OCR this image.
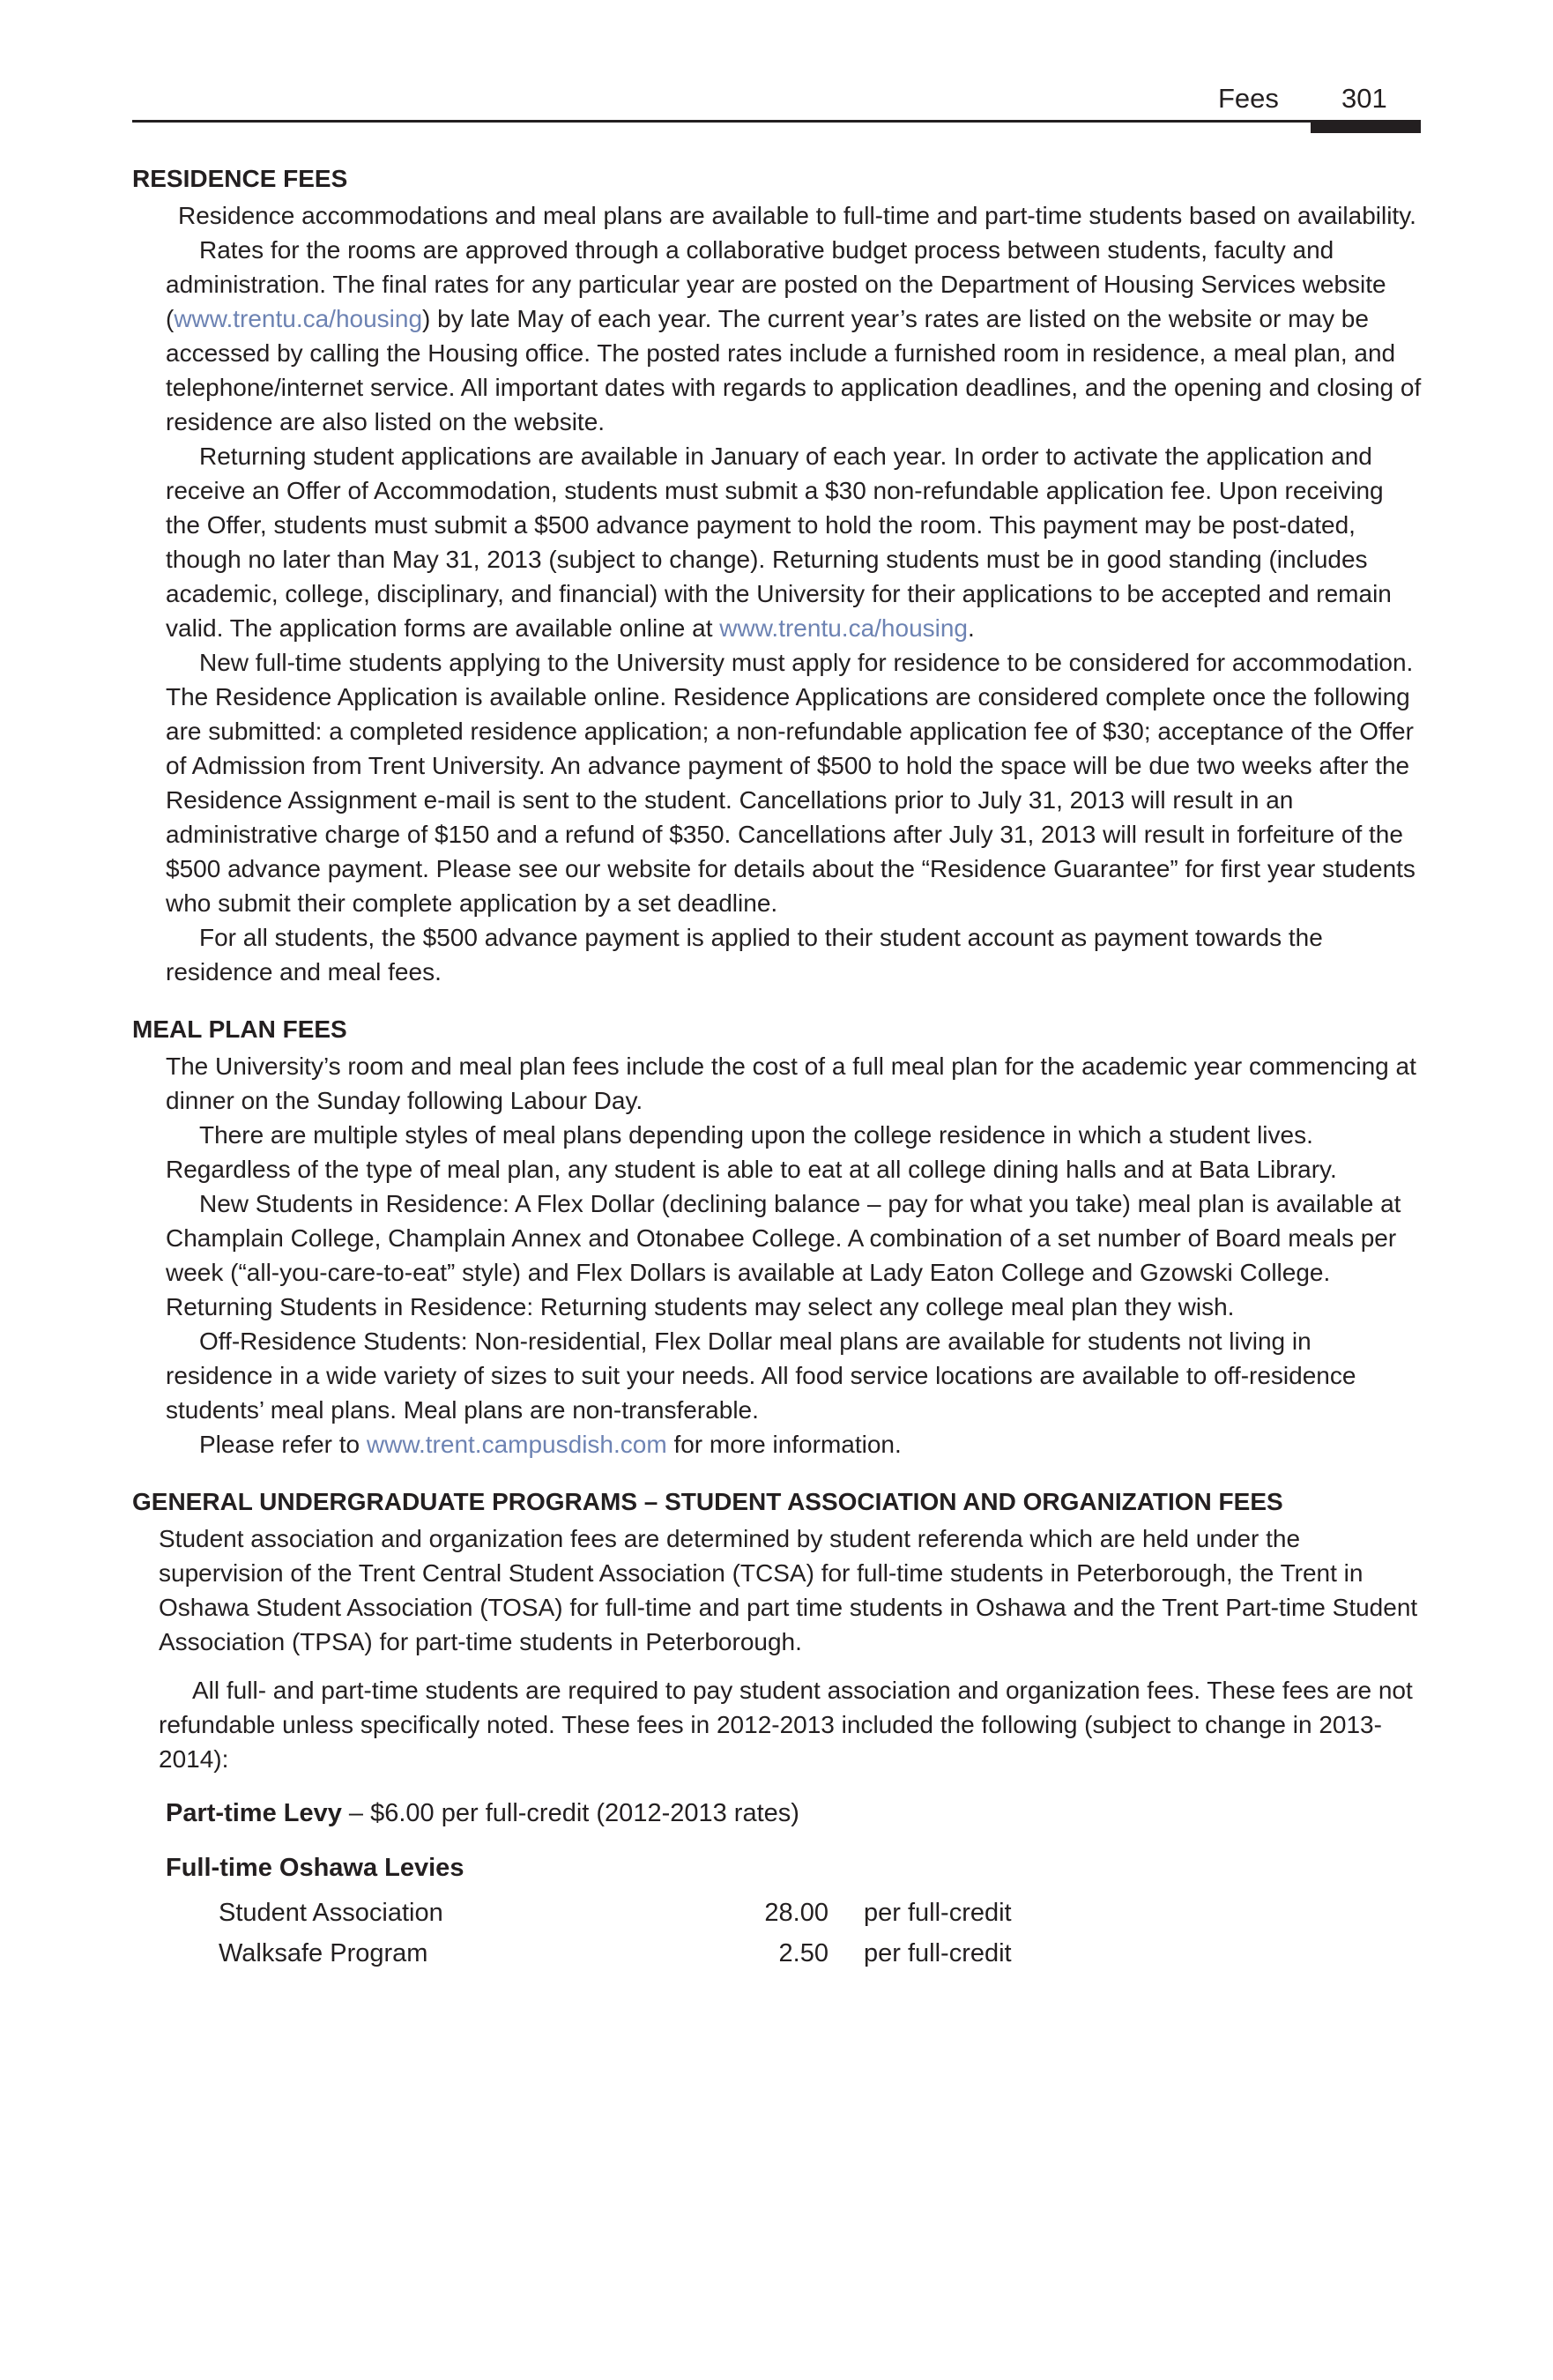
Fees 301
RESIDENCE FEES

Residence accommodations and meal plans are available to full-time and part-time students based on availability.

Rates for the rooms are approved through a collaborative budget process between students, faculty and administration. The final rates for any particular year are posted on the Department of Housing Services website (www.trentu.ca/housing) by late May of each year. The current year’s rates are listed on the website or may be accessed by calling the Housing office. The posted rates include a furnished room in residence, a meal plan, and telephone/internet service. All important dates with regards to application deadlines, and the opening and closing of residence are also listed on the website.

Returning student applications are available in January of each year. In order to activate the application and receive an Offer of Accommodation, students must submit a $30 non-refundable application fee. Upon receiving the Offer, students must submit a $500 advance payment to hold the room. This payment may be post-dated, though no later than May 31, 2013 (subject to change). Returning students must be in good standing (includes academic, college, disciplinary, and financial) with the University for their applications to be accepted and remain valid. The application forms are available online at www.trentu.ca/housing.

New full-time students applying to the University must apply for residence to be considered for accommodation. The Residence Application is available online. Residence Applications are considered complete once the following are submitted: a completed residence application; a non-refundable application fee of $30; acceptance of the Offer of Admission from Trent University. An advance payment of $500 to hold the space will be due two weeks after the Residence Assignment e-mail is sent to the student. Cancellations prior to July 31, 2013 will result in an administrative charge of $150 and a refund of $350. Cancellations after July 31, 2013 will result in forfeiture of the $500 advance payment. Please see our website for details about the “Residence Guarantee” for first year students who submit their complete application by a set deadline.

For all students, the $500 advance payment is applied to their student account as payment towards the residence and meal fees.

MEAL PLAN FEES

The University’s room and meal plan fees include the cost of a full meal plan for the academic year commencing at dinner on the Sunday following Labour Day.

There are multiple styles of meal plans depending upon the college residence in which a student lives. Regardless of the type of meal plan, any student is able to eat at all college dining halls and at Bata Library.

New Students in Residence: A Flex Dollar (declining balance – pay for what you take) meal plan is available at Champlain College, Champlain Annex and Otonabee College. A combination of a set number of Board meals per week (“all-you-care-to-eat” style) and Flex Dollars is available at Lady Eaton College and Gzowski College.

Returning Students in Residence: Returning students may select any college meal plan they wish.

Off-Residence Students: Non-residential, Flex Dollar meal plans are available for students not living in residence in a wide variety of sizes to suit your needs. All food service locations are available to off-residence students’ meal plans. Meal plans are non-transferable.

Please refer to www.trent.campusdish.com for more information.

GENERAL UNDERGRADUATE PROGRAMS – STUDENT ASSOCIATION AND ORGANIZATION FEES

Student association and organization fees are determined by student referenda which are held under the supervision of the Trent Central Student Association (TCSA) for full-time students in Peterborough, the Trent in Oshawa Student Association (TOSA) for full-time and part time students in Oshawa and the Trent Part-time Student Association (TPSA) for part-time students in Peterborough.

All full- and part-time students are required to pay student association and organization fees. These fees are not refundable unless specifically noted. These fees in 2012-2013 included the following (subject to change in 2013-2014):

Part-time Levy – $6.00 per full-credit (2012-2013 rates)

Full-time Oshawa Levies

Student Association	28.00	per full-credit
Walksafe Program	2.50	per full-credit
